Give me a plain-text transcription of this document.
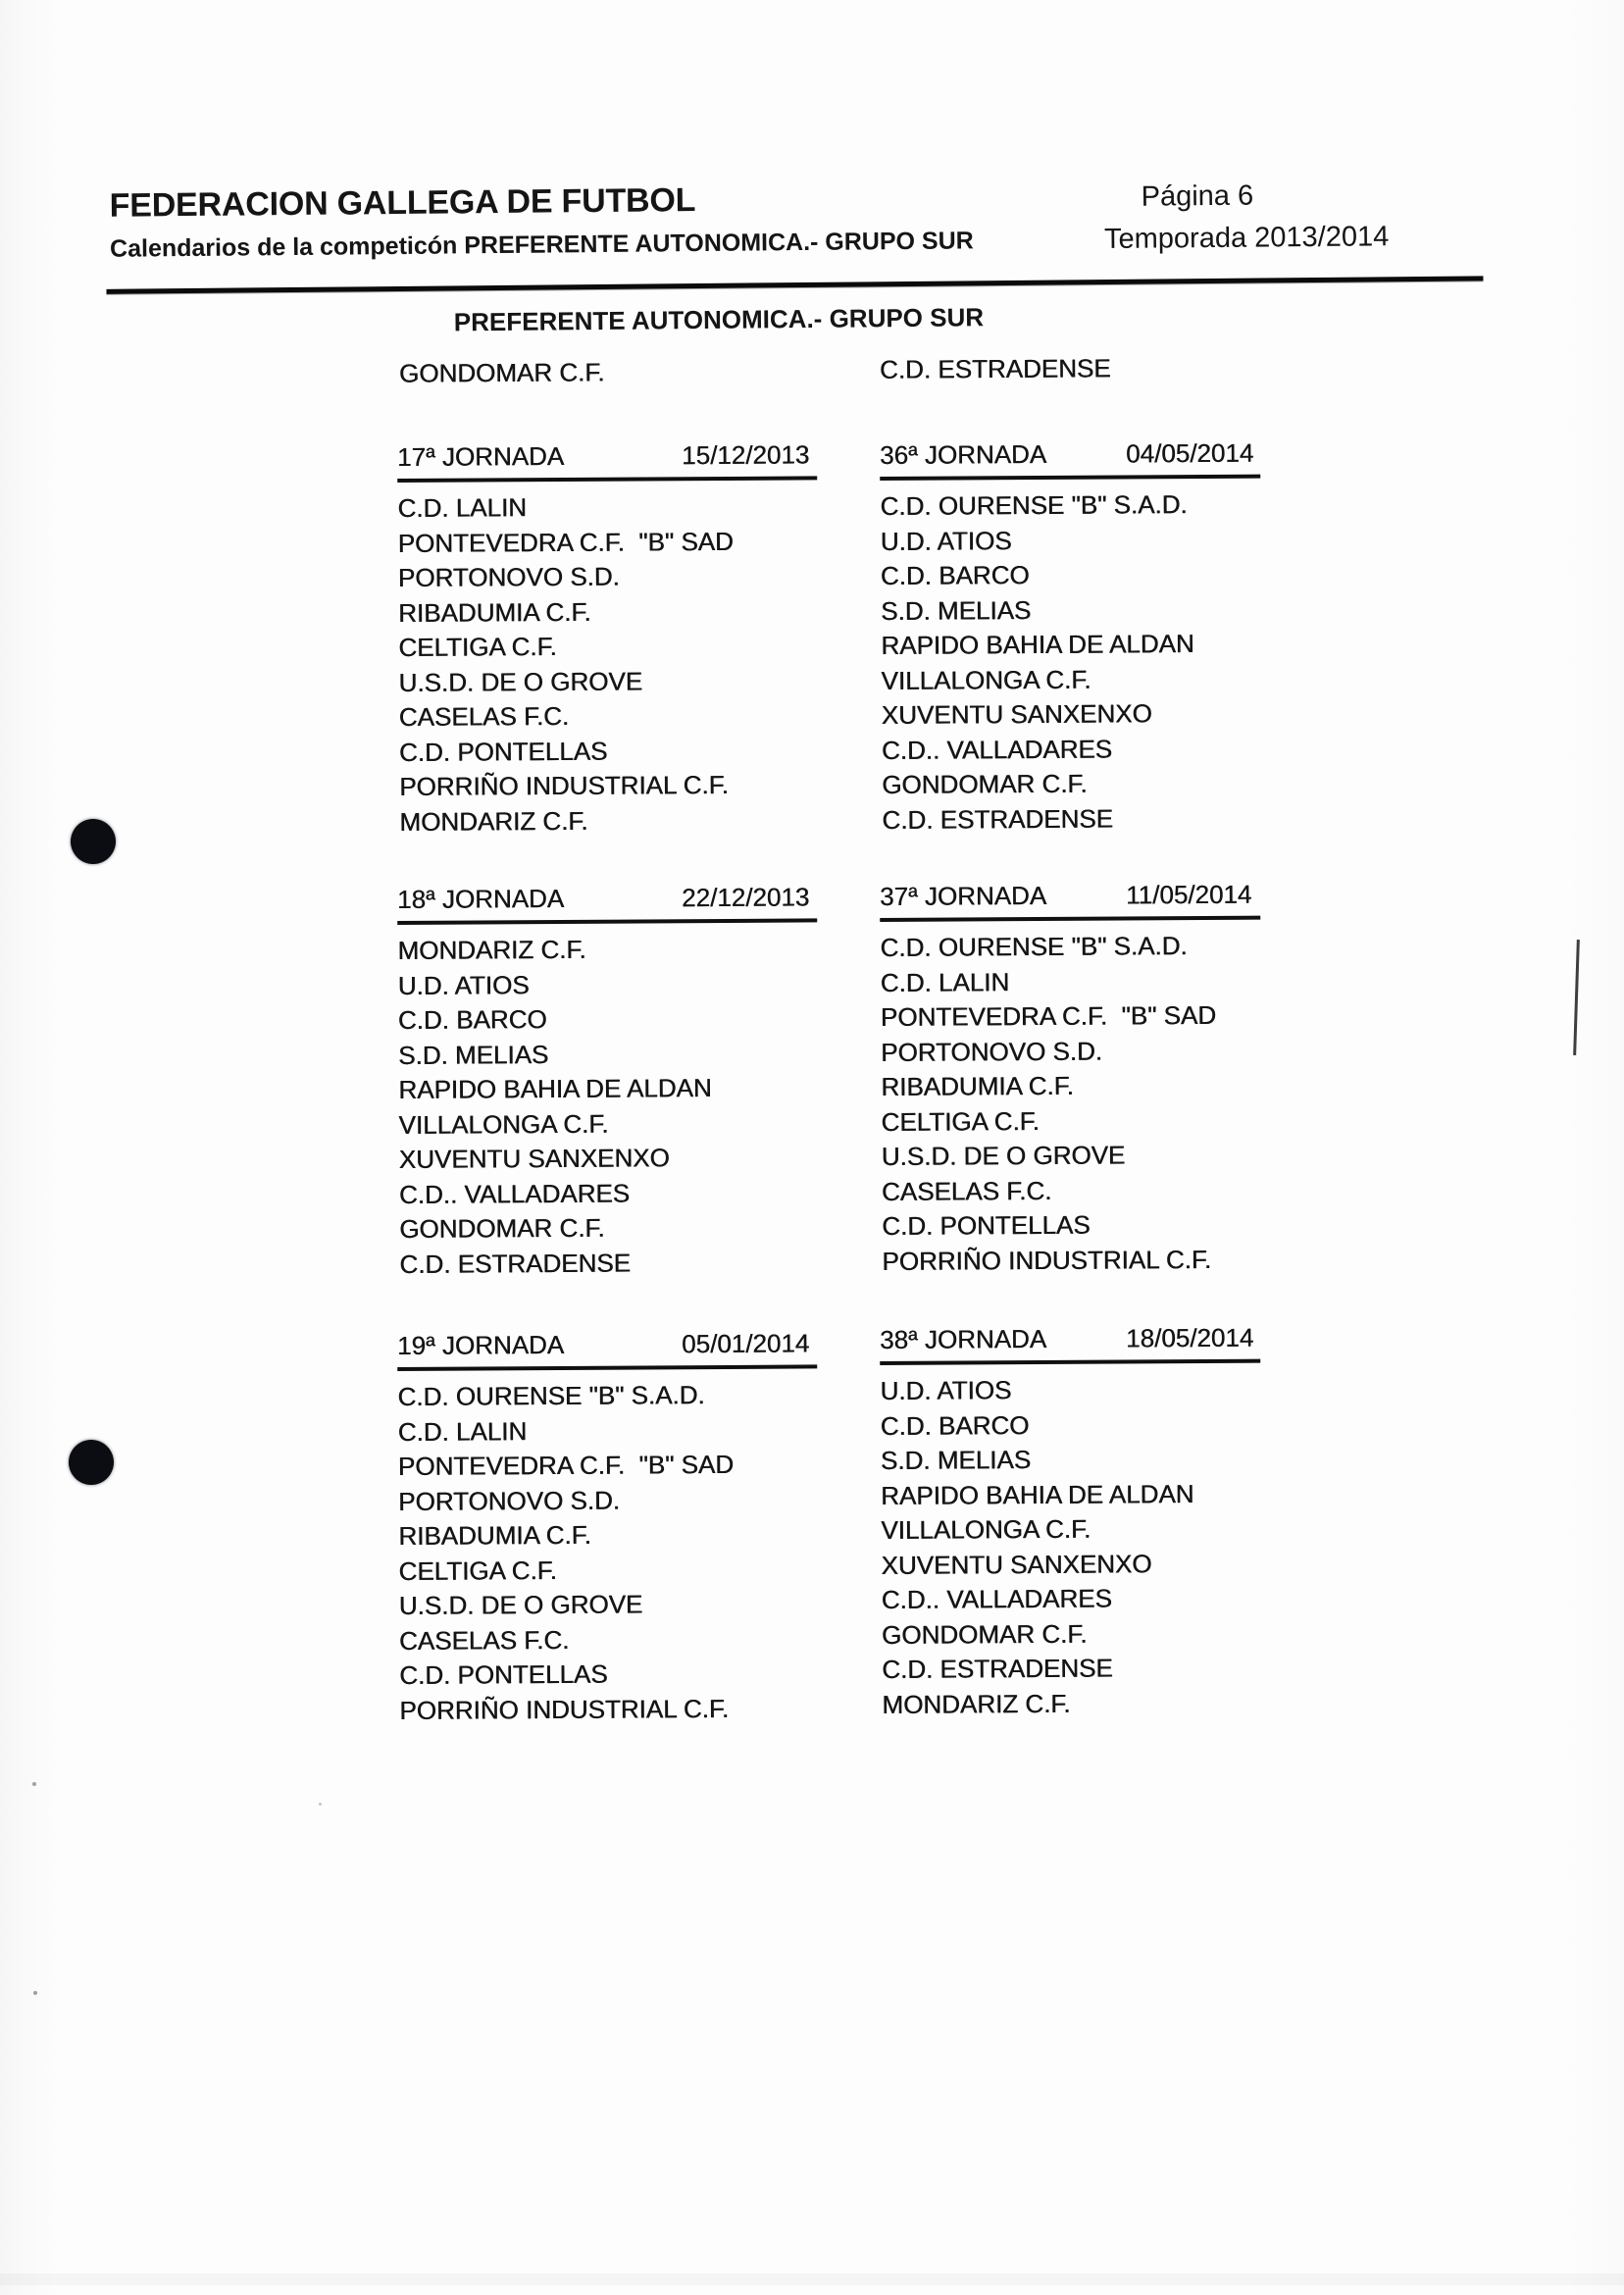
FEDERACION GALLEGA DE FUTBOL	Página 6
Calendarios de la competicón PREFERENTE AUTONOMICA.- GRUPO SUR	Temporada 2013/2014
PREFERENTE AUTONOMICA.- GRUPO SUR
GONDOMAR C.F.	C.D. ESTRADENSE
17ª JORNADA	15/12/2013
C.D. LALIN
PONTEVEDRA C.F.  "B" SAD
PORTONOVO S.D.
RIBADUMIA C.F.
CELTIGA C.F.
U.S.D. DE O GROVE
CASELAS F.C.
C.D. PONTELLAS
PORRIÑO INDUSTRIAL C.F.
MONDARIZ C.F.
18ª JORNADA	22/12/2013
MONDARIZ C.F.
U.D. ATIOS
C.D. BARCO
S.D. MELIAS
RAPIDO BAHIA DE ALDAN
VILLALONGA C.F.
XUVENTU SANXENXO
C.D.. VALLADARES
GONDOMAR C.F.
C.D. ESTRADENSE
19ª JORNADA	05/01/2014
C.D. OURENSE "B" S.A.D.
C.D. LALIN
PONTEVEDRA C.F.  "B" SAD
PORTONOVO S.D.
RIBADUMIA C.F.
CELTIGA C.F.
U.S.D. DE O GROVE
CASELAS F.C.
C.D. PONTELLAS
PORRIÑO INDUSTRIAL C.F.
36ª JORNADA	04/05/2014
C.D. OURENSE "B" S.A.D.
U.D. ATIOS
C.D. BARCO
S.D. MELIAS
RAPIDO BAHIA DE ALDAN
VILLALONGA C.F.
XUVENTU SANXENXO
C.D.. VALLADARES
GONDOMAR C.F.
C.D. ESTRADENSE
37ª JORNADA	11/05/2014
C.D. OURENSE "B" S.A.D.
C.D. LALIN
PONTEVEDRA C.F.  "B" SAD
PORTONOVO S.D.
RIBADUMIA C.F.
CELTIGA C.F.
U.S.D. DE O GROVE
CASELAS F.C.
C.D. PONTELLAS
PORRIÑO INDUSTRIAL C.F.
38ª JORNADA	18/05/2014
U.D. ATIOS
C.D. BARCO
S.D. MELIAS
RAPIDO BAHIA DE ALDAN
VILLALONGA C.F.
XUVENTU SANXENXO
C.D.. VALLADARES
GONDOMAR C.F.
C.D. ESTRADENSE
MONDARIZ C.F.
